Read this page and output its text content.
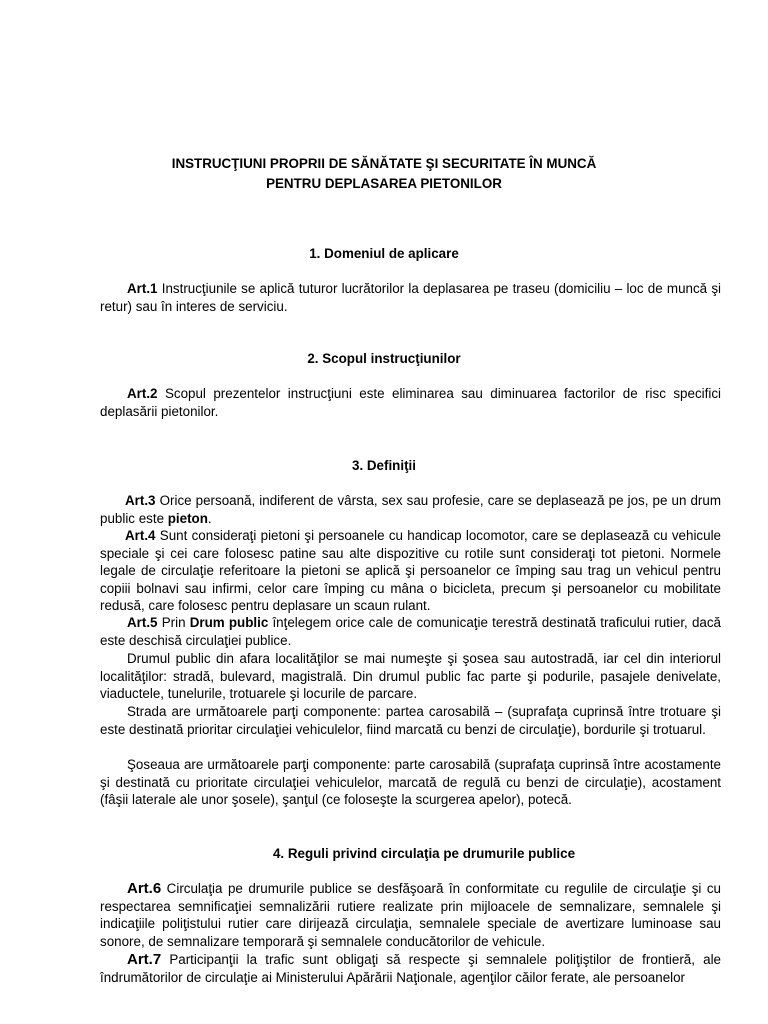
INSTRUCŢIUNI PROPRII DE SĂNĂTATE ŞI SECURITATE ÎN MUNCĂ
PENTRU DEPLASAREA PIETONILOR
1. Domeniul de aplicare
Art.1 Instrucţiunile se aplică tuturor lucrătorilor la deplasarea pe traseu (domiciliu – loc de muncă şi retur) sau în interes de serviciu.
2. Scopul instrucţiunilor
Art.2 Scopul prezentelor instrucţiuni este eliminarea sau diminuarea factorilor de risc specifici deplasării pietonilor.
3. Definiţii
Art.3 Orice persoană, indiferent de vârsta, sex sau profesie, care se deplasează pe jos, pe un drum public este pieton.
Art.4 Sunt consideraţi pietoni şi persoanele cu handicap locomotor, care se deplasează cu vehicule speciale şi cei care folosesc patine sau alte dispozitive cu rotile sunt consideraţi tot pietoni. Normele legale de circulaţie referitoare la pietoni se aplică şi persoanelor ce împing sau trag un vehicul pentru copiii bolnavi sau infirmi, celor care împing cu mâna o bicicleta, precum şi persoanelor cu mobilitate redusă, care folosesc pentru deplasare un scaun rulant.
Art.5 Prin Drum public înţelegem orice cale de comunicaţie terestră destinată traficului rutier, dacă este deschisă circulaţiei publice.
Drumul public din afara localităţilor se mai numeşte şi şosea sau autostradă, iar cel din interiorul localităţilor: stradă, bulevard, magistrală. Din drumul public fac parte şi podurile, pasajele denivelate, viaductele, tunelurile, trotuarele şi locurile de parcare.
Strada are următoarele parţi componente: partea carosabilă – (suprafaţa cuprinsă între trotuare şi este destinată prioritar circulaţiei vehiculelor, fiind marcată cu benzi de circulaţie), bordurile şi trotuarul.
Şoseaua are următoarele parţi componente: parte carosabilă (suprafaţa cuprinsă între acostamente şi destinată cu prioritate circulaţiei vehiculelor, marcată de regulă cu benzi de circulaţie), acostament (fâşii laterale ale unor şosele), şanţul (ce foloseşte la scurgerea apelor), potecă.
4. Reguli privind circulaţia pe drumurile publice
Art.6 Circulaţia pe drumurile publice se desfăşoară în conformitate cu regulile de circulaţie şi cu respectarea semnificaţiei semnalizării rutiere realizate prin mijloacele de semnalizare, semnalele şi indicaţiile poliţistului rutier care dirijează circulaţia, semnalele speciale de avertizare luminoase sau sonore, de semnalizare temporară şi semnalele conducătorilor de vehicule.
Art.7 Participanţii la trafic sunt obligaţi să respecte şi semnalele poliţiştilor de frontieră, ale îndrumătorilor de circulaţie ai Ministerului Apărării Naţionale, agenţilor căilor ferate, ale persoanelor
